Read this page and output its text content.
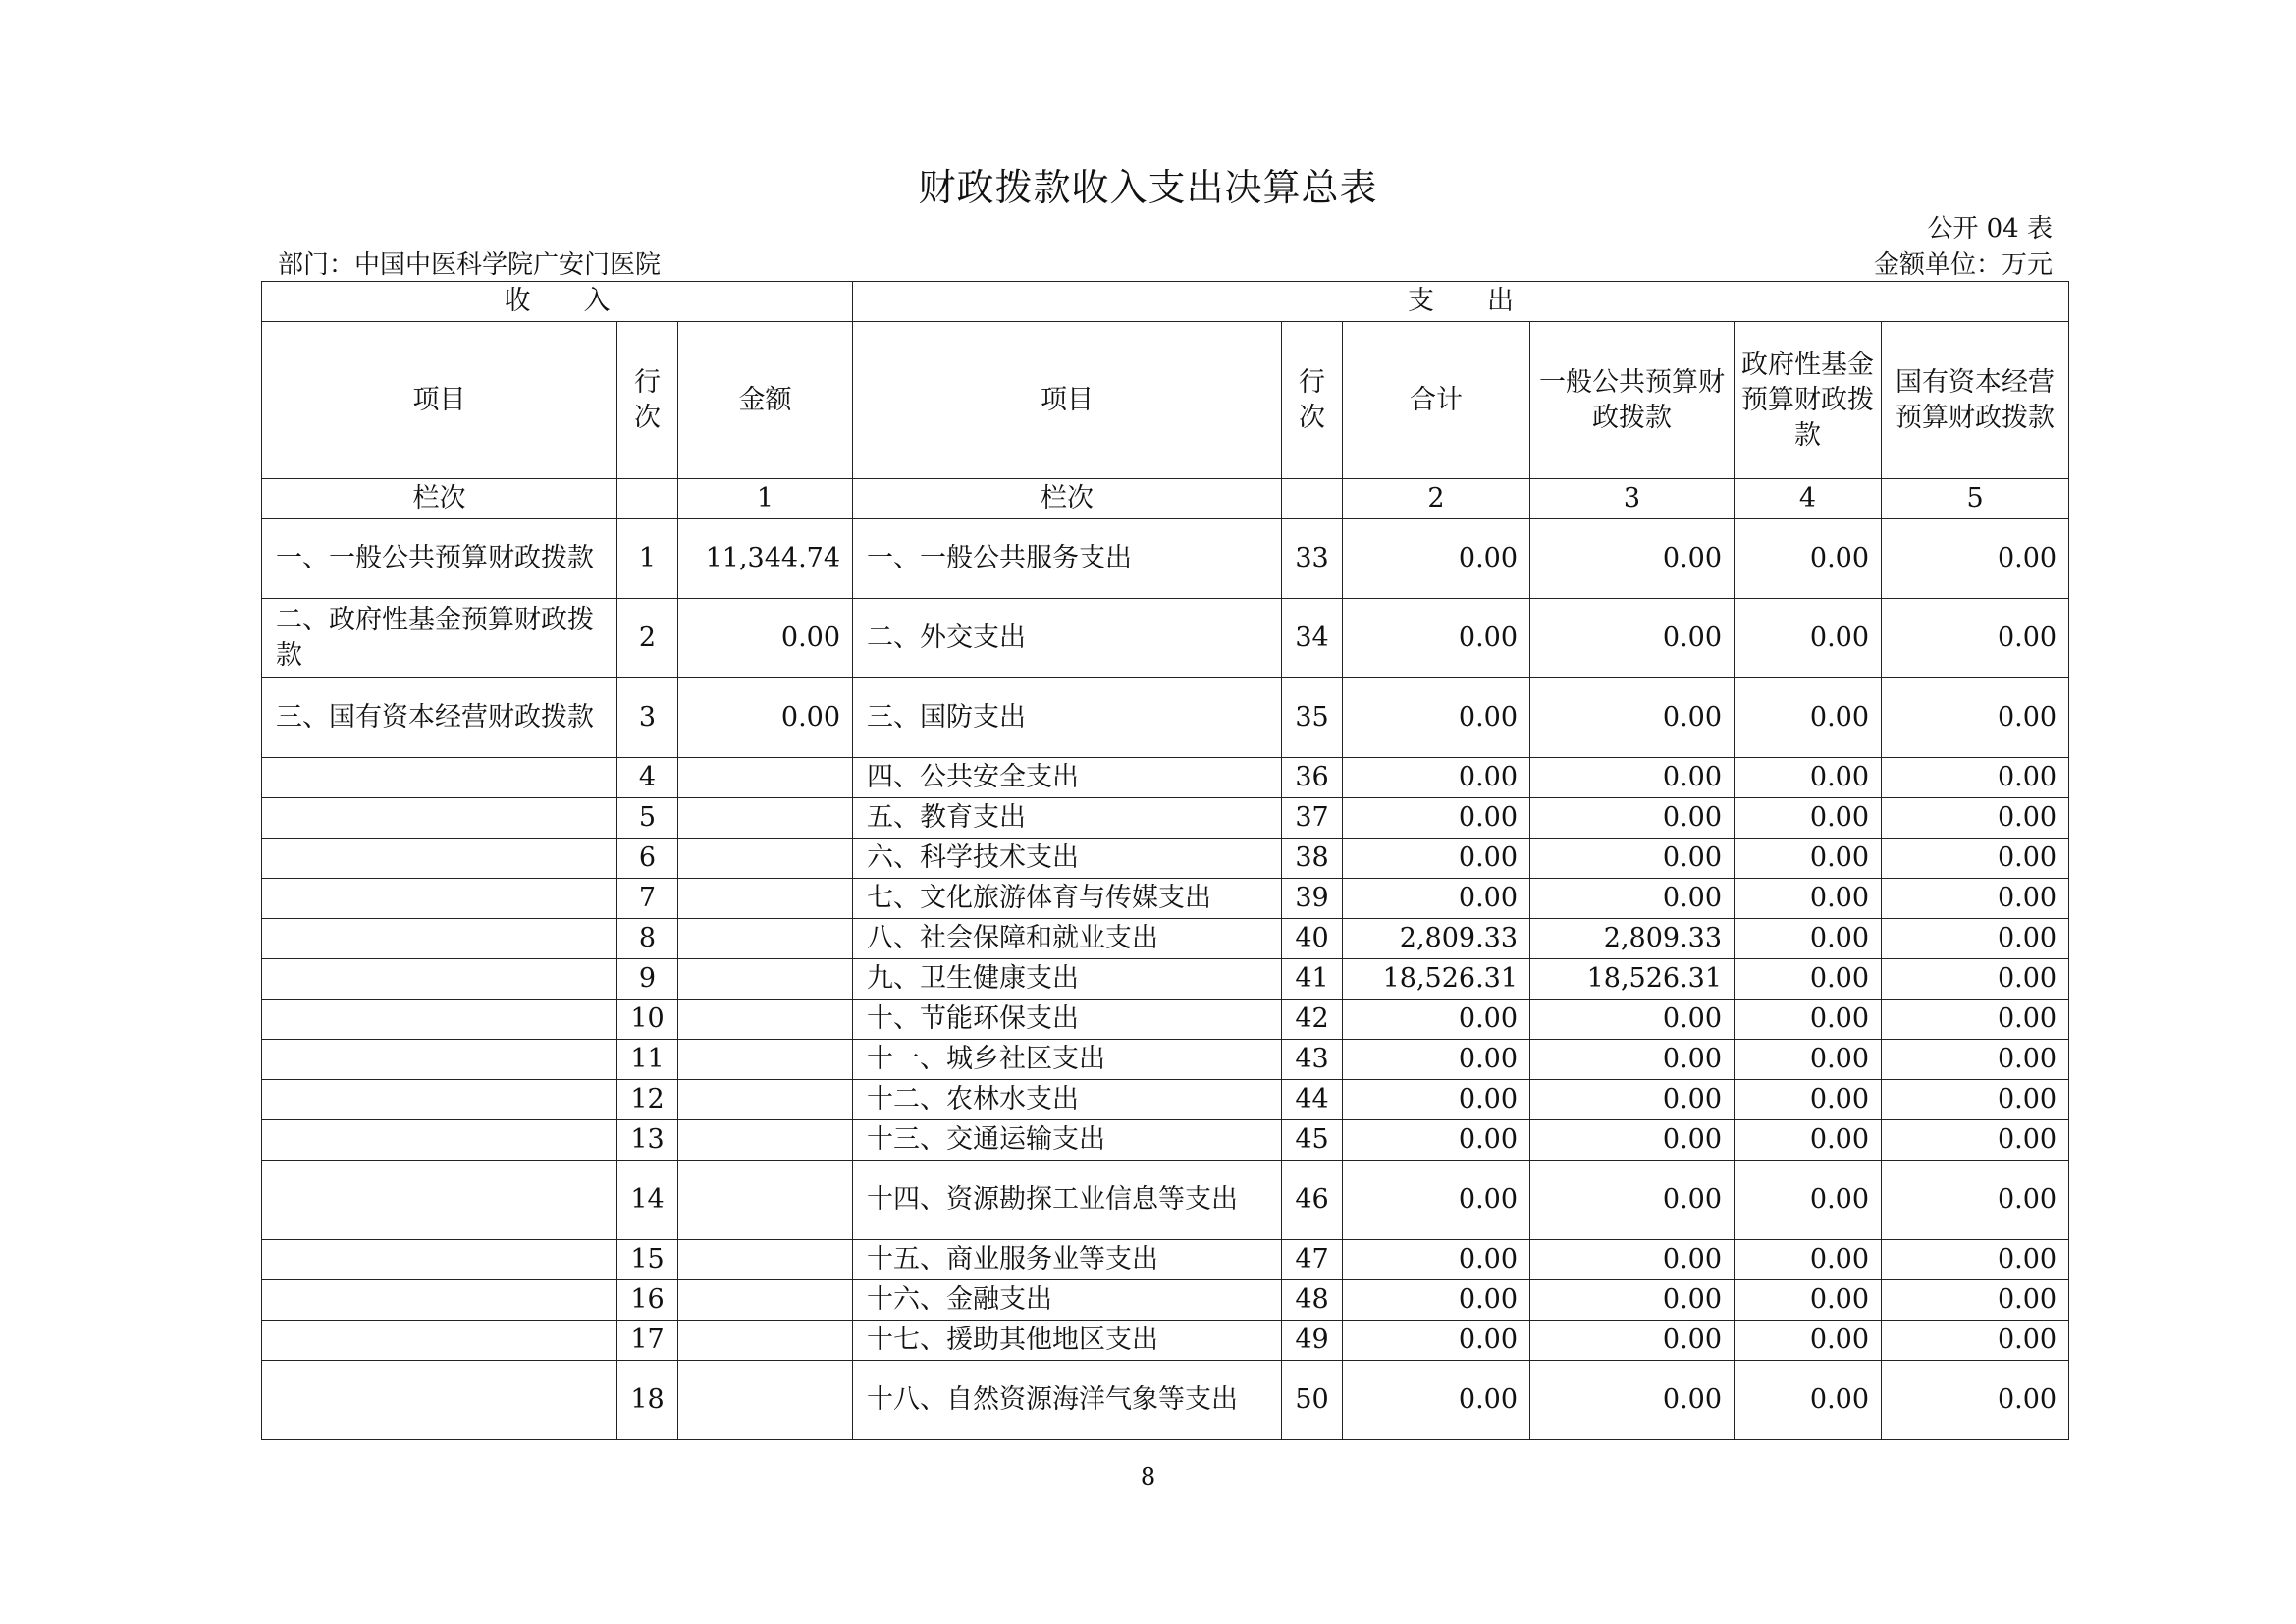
财政拨款收入支出决算总表
公开 04 表
部门：中国中医科学院广安门医院	金额单位：万元
收　　入			支　　出					
项目	行次	金额	项目	行次	合计	一般公共预算财政拨款	政府性基金预算财政拨款	国有资本经营预算财政拨款
栏次		1	栏次		2	3	4	5
一、一般公共预算财政拨款	1	11,344.74	一、一般公共服务支出	33	0.00	0.00	0.00	0.00
二、政府性基金预算财政拨款	2	0.00	二、外交支出	34	0.00	0.00	0.00	0.00
三、国有资本经营财政拨款	3	0.00	三、国防支出	35	0.00	0.00	0.00	0.00
	4		四、公共安全支出	36	0.00	0.00	0.00	0.00
	5		五、教育支出	37	0.00	0.00	0.00	0.00
	6		六、科学技术支出	38	0.00	0.00	0.00	0.00
	7		七、文化旅游体育与传媒支出	39	0.00	0.00	0.00	0.00
	8		八、社会保障和就业支出	40	2,809.33	2,809.33	0.00	0.00
	9		九、卫生健康支出	41	18,526.31	18,526.31	0.00	0.00
	10		十、节能环保支出	42	0.00	0.00	0.00	0.00
	11		十一、城乡社区支出	43	0.00	0.00	0.00	0.00
	12		十二、农林水支出	44	0.00	0.00	0.00	0.00
	13		十三、交通运输支出	45	0.00	0.00	0.00	0.00
	14		十四、资源勘探工业信息等支出	46	0.00	0.00	0.00	0.00
	15		十五、商业服务业等支出	47	0.00	0.00	0.00	0.00
	16		十六、金融支出	48	0.00	0.00	0.00	0.00
	17		十七、援助其他地区支出	49	0.00	0.00	0.00	0.00
	18		十八、自然资源海洋气象等支出	50	0.00	0.00	0.00	0.00
8
